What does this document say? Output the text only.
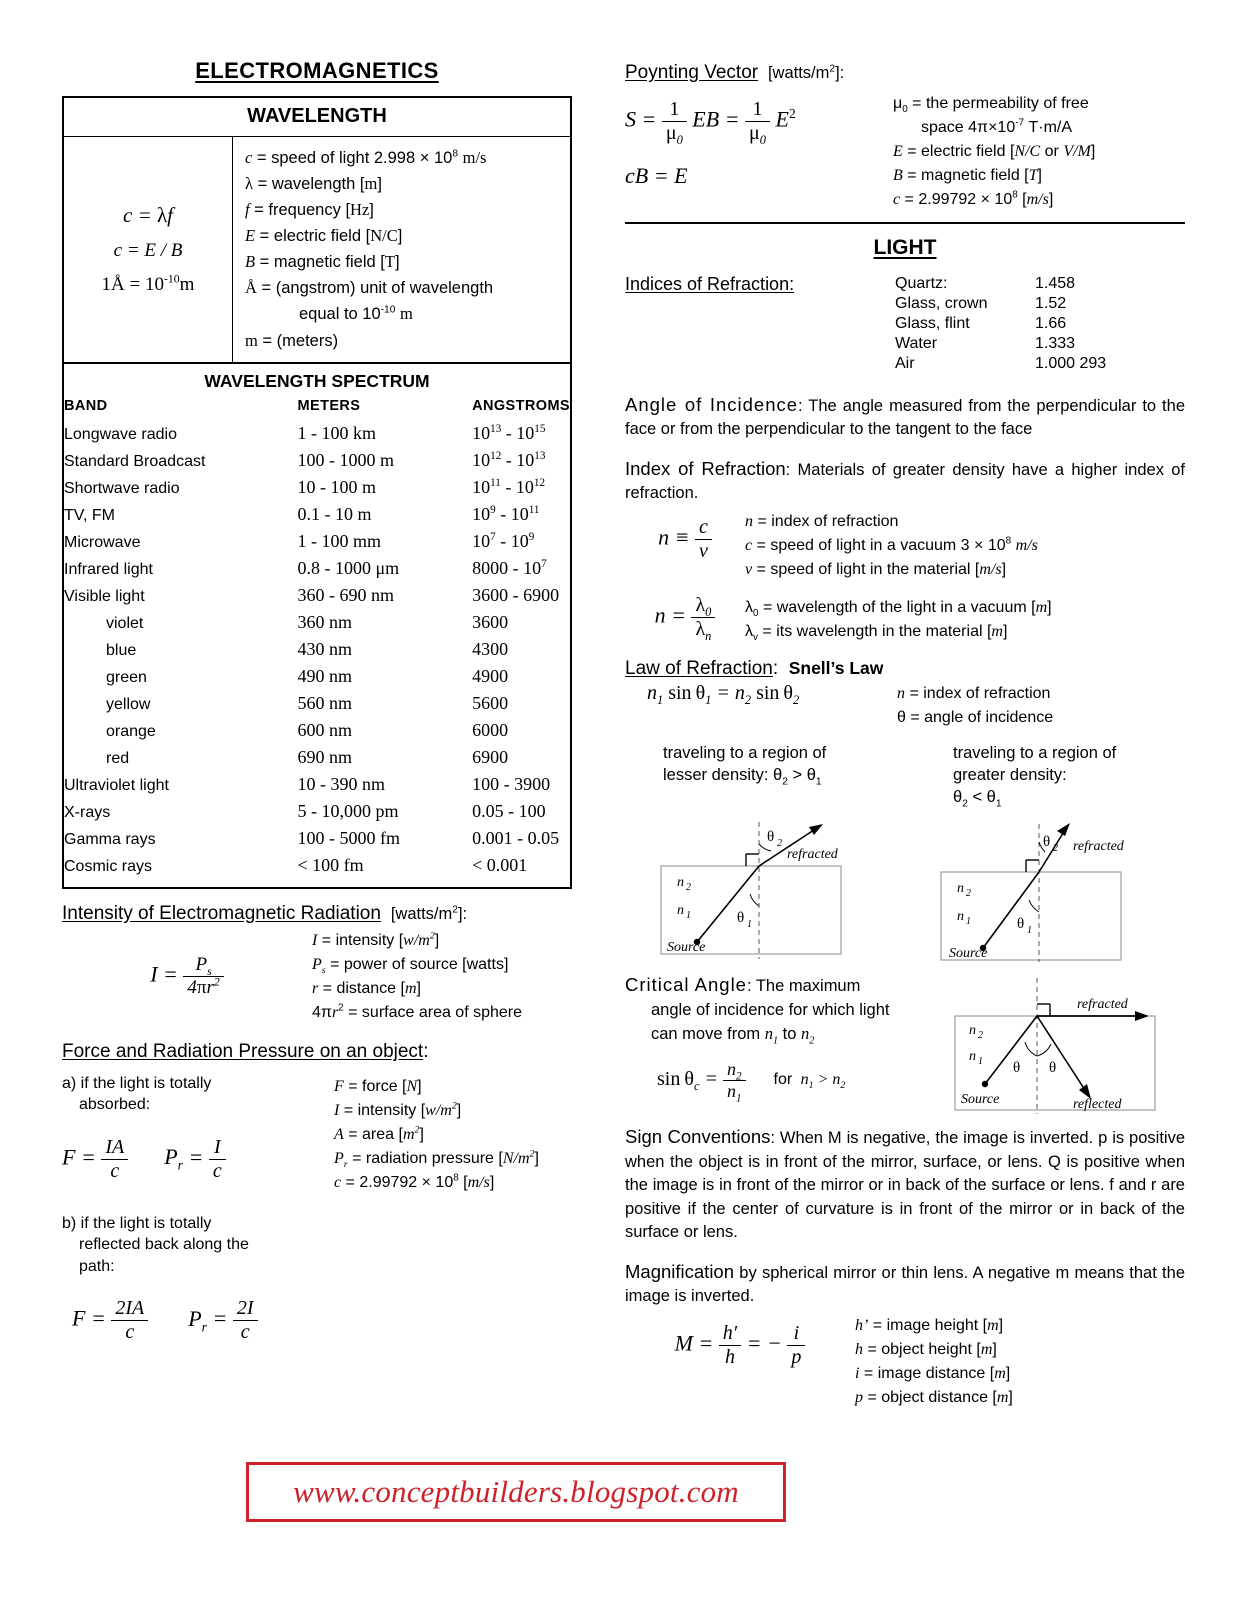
ELECTROMAGNETICS
WAVELENGTH
c = λf
c = E / B
1Å = $10^{-10}m$
c = speed of light $2.998 \times 10^8$ m/s
λ = wavelength [m]
f = frequency [Hz]
E = electric field [N/C]
B = magnetic field [T]
Å = (angstrom) unit of wavelength
equal to $10^{-10}$ m
m = (meters)
WAVELENGTH SPECTRUM
BAND	METERS	ANGSTROMS
Longwave radio	1 - 100 km	$10^{13} - 10^{15}$
Standard Broadcast	100 - 1000 m	$10^{12} - 10^{13}$
Shortwave radio	10 - 100 m	$10^{11} - 10^{12}$
TV, FM	0.1 - 10 m	$10^9 - 10^{11}$
Microwave	1 - 100 mm	$10^7 - 10^9$
Infrared light	0.8 - 1000 μm	$8000 - 10^7$
Visible light	360 - 690 nm	3600 - 6900
violet	360 nm	3600
blue	430 nm	4300
green	490 nm	4900
yellow	560 nm	5600
orange	600 nm	6000
red	690 nm	6900
Ultraviolet light	10 - 390 nm	100 - 3900
X-rays	5 - 10,000 pm	0.05 - 100
Gamma rays	100 - 5000 fm	0.001 - 0.05
Cosmic rays	< 100 fm	< 0.001
Intensity of Electromagnetic Radiation  $[watts/m^2]$:
$I = \frac{P_s}{4\pi r^2}$
I = intensity $[w/m^2]$
$P_s$ = power of source [watts]
r = distance [m]
$4\pi r^2$ = surface area of sphere
Force and Radiation Pressure on an object:
a) if the light is totally
absorbed:
$F = \frac{IA}{c} P_r = \frac{I}{c}$
F = force [N]
I = intensity $[w/m^2]$
A = area $[m^2]$
$P_r$ = radiation pressure $[N/m^2]$
$c = 2.99792 \times 10^8$ [m/s]
b) if the light is totally
reflected back along the
path:
$F = \frac{2IA}{c} P_r = \frac{2I}{c}$
Poynting Vector  $[watts/m^2]$:
$S = \frac{1}{\mu_0}$ EB = $\frac{1}{\mu_0} E^2$
cB = E
$\mu_0$ = the permeability of free
space $4\pi\times 10^{-7}$ T·m/A
E = electric field [N/C or V/M]
B = magnetic field [T]
$c = 2.99792 \times 10^8$ [m/s]
LIGHT
Indices of Refraction:	Quartz:	1.458
Glass, crown	1.52
Glass, flint	1.66
Water	1.333
Air	1.000 293

Angle of Incidence: The angle measured from the perpendicular to the face or from the perpendicular to the tangent to the face

Index of Refraction: Materials of greater density have a higher index of refraction.

$n \equiv \frac{c}{v}$ n = index of refraction
c = speed of light in a vacuum $3 \times 10^8$ m/s
v = speed of light in the material [m/s]
$n = \frac{\lambda_0}{\lambda_n} \lambda_0$ = wavelength of the light in a vacuum [m]
$\lambda_v$ = its wavelength in the material [m]
Law of Refraction:  Snell’s Law
$n_1$ $\sin \theta_1 = n_2$ $\sin \theta_2$	n = index of refraction
θ = angle of incidence
traveling to a region of
lesser density: $\theta_2 > \theta_1$
traveling to a region of
greater density:
$\theta_2 < \theta_1$
n 2
n 1
θ 2
θ 1
refracted
Source
n 2
n 1
θ 2
θ 1
refracted
Source

Critical Angle: The maximum

angle of incidence for which light

can move from $n_1$ to $n_2$

$\sin \theta_c = \frac{n_2}{n_1}$ for  $n_1 > n_2$
n 2
n 1 θ θ
refracted
reflected
Source

Sign Conventions: When M is negative, the image is inverted. p is positive when the object is in front of the mirror, surface, or lens. Q is positive when the image is in front of the mirror or in back of the surface or lens. f and r are positive if the center of curvature is in front of the mirror or in back of the surface or lens.

Magnification by spherical mirror or thin lens. A negative m means that the image is inverted.

$M = \frac{h'}{h}$ = − $\frac{i}{p}$	h’ = image height [m]
h = object height [m]
i = image distance [m]
p = object distance [m]
www.conceptbuilders.blogspot.com
